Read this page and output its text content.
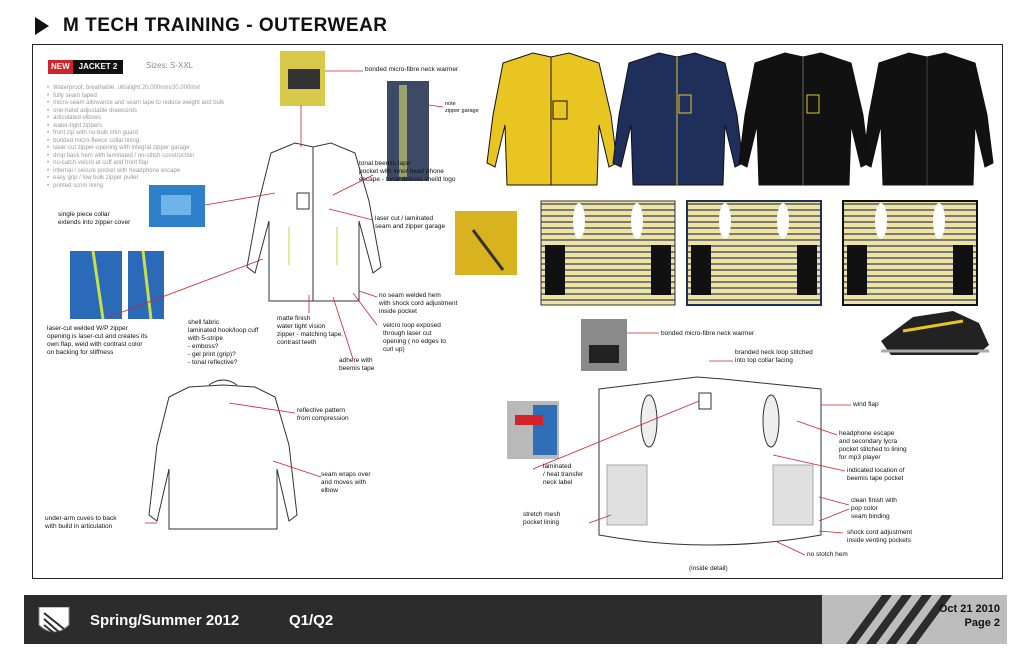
M TECH TRAINING - OUTERWEAR
NEW	JACKET 2	Sizes: S-XXL
• Waterproof, breathable, ultralight 20,000mm/20,000mvt
• fully seam taped
• micro-seam allowance and seam tape to reduce weight and bulk
• one-hand adjustable drawcords
• articulated elbows
• water-tight zippers
• front zip with no-bulk chin guard
• bonded micro-fleece collar lining
• laser-cut zipper-opening with integral zipper garage
• drop back hem with laminated / no-stitch construction
• no-catch velcro at cuff and front flap
• internal / secure pocket with headphone escape
• easy grip / low bulk zipper puller
• printed scrim lining
bonded micro-fibre neck warmer
note
zipper garage
tonal beemis tape
pocket with inner head phone
escape - tonal deboss sheild logo
single piece collar
extends into zipper cover
laser cut / laminated
seam and zipper garage
laser-cut welded W/P zipper
opening is laser-cut and creates its
own flap, weld with contrast color
on backing for stiffness
shell fabric
laminated hook/loop cuff
with 5-stripe
- emboss?
- gel print (grip)?
- tonal reflective?
matte finish
water tight vision
zipper - matching tape,
contrast teeth
no seam welded hem
with shock cord adjustment
inside pocket
velcro loop exposed
through laser cut
opening ( no edges to
curl up)
adhere with
beemis tape
reflective pattern
from compression
seam wraps over
and moves with
elbow
under-arm cuves to back
with build in articulation
bonded micro-fibre neck warmer
branded neck loop stitched
into top collar facing
wind flap
headphone escape
and secondary lycra
pocket stitched to lining
for mp3 player
indicated location of
beemis tape pocket
laminated
/ heat transfer
neck label
clean finish with
pop color
seam binding
stretch mesh
pocket lining
shock cord adjustment
inside venting pockets
no stotch hem
(inside detail)
Spring/Summer 2012	Q1/Q2
Oct 21 2010
Page 2
